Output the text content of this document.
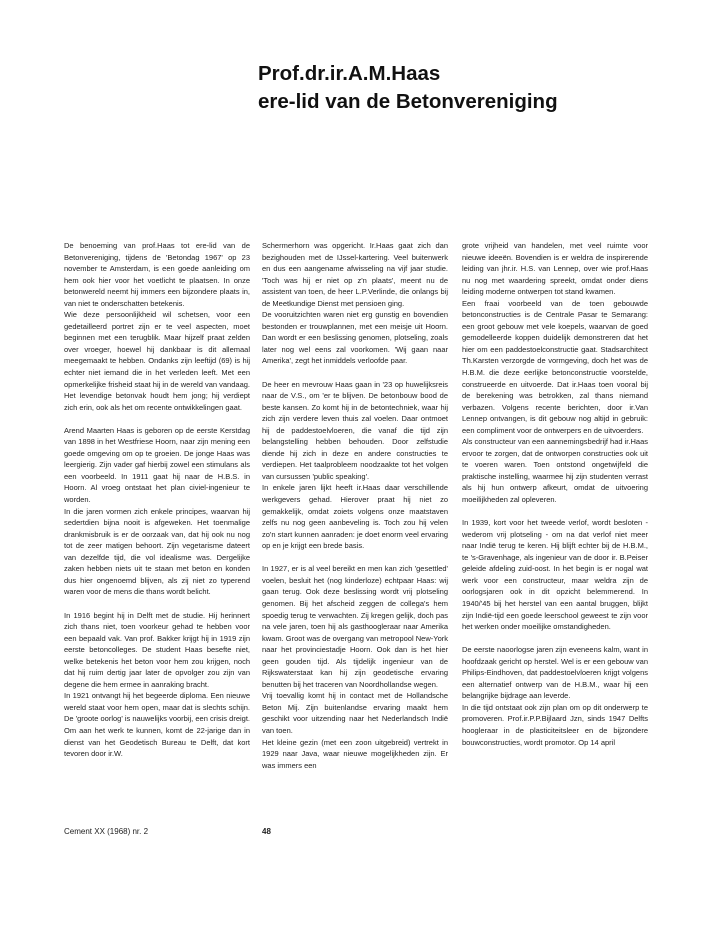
Prof.dr.ir.A.M.Haas
ere-lid van de Betonvereniging

De benoeming van prof.Haas tot ere-lid van de Betonvereniging, tijdens de 'Betondag 1967' op 23 november te Amsterdam, is een goede aanleiding om hem ook hier voor het voetlicht te plaatsen. In onze betonwereld neemt hij immers een bijzondere plaats in, van niet te onderschatten betekenis.

Wie deze persoonlijkheid wil schetsen, voor een gedetailleerd portret zijn er te veel aspecten, moet beginnen met een terugblik. Maar hijzelf praat zelden over vroeger, hoewel hij dankbaar is dit allemaal meegemaakt te hebben. Ondanks zijn leeftijd (69) is hij echter niet iemand die in het verleden leeft. Met een opmerkelijke frisheid staat hij in de wereld van vandaag. Het levendige betonvak houdt hem jong; hij verdiept zich erin, ook als het om recente ontwikkelingen gaat.

Arend Maarten Haas is geboren op de eerste Kerstdag van 1898 in het Westfriese Hoorn, naar zijn mening een goede omgeving om op te groeien. De jonge Haas was leergierig. Zijn vader gaf hierbij zowel een stimulans als een voorbeeld. In 1911 gaat hij naar de H.B.S. in Hoorn. Al vroeg ontstaat het plan civiel-ingenieur te worden.

In die jaren vormen zich enkele principes, waarvan hij sedertdien bijna nooit is afgeweken. Het toenmalige drankmisbruik is er de oorzaak van, dat hij ook nu nog tot de zeer matigen behoort. Zijn vegetarisme dateert van dezelfde tijd, die vol idealisme was. Dergelijke zaken hebben niets uit te staan met beton en konden dus hier ongenoemd blijven, als zij niet zo typerend waren voor de mens die thans wordt belicht.

In 1916 begint hij in Delft met de studie. Hij herinnert zich thans niet, toen voorkeur gehad te hebben voor een bepaald vak. Van prof. Bakker krijgt hij in 1919 zijn eerste betoncolleges. De student Haas besefte niet, welke betekenis het beton voor hem zou krijgen, noch dat hij ruim dertig jaar later de opvolger zou zijn van degene die hem ermee in aanraking bracht.

In 1921 ontvangt hij het begeerde diploma. Een nieuwe wereld staat voor hem open, maar dat is slechts schijn. De 'groote oorlog' is nauwelijks voorbij, een crisis dreigt. Om aan het werk te kunnen, komt de 22-jarige dan in dienst van het Geodetisch Bureau te Delft, dat kort tevoren door ir.W.

Schermerhorn was opgericht. Ir.Haas gaat zich dan bezighouden met de IJssel-kartering. Veel buitenwerk en dus een aangename afwisseling na vijf jaar studie. 'Toch was hij er niet op z'n plaats', meent nu de assistent van toen, de heer L.P.Verlinde, die onlangs bij de Meetkundige Dienst met pensioen ging.

De vooruitzichten waren niet erg gunstig en bovendien bestonden er trouwplannen, met een meisje uit Hoorn. Dan wordt er een beslissing genomen, plotseling, zoals later nog wel eens zal voorkomen. 'Wij gaan naar Amerika', zegt het inmiddels verloofde paar.

De heer en mevrouw Haas gaan in '23 op huwelijksreis naar de V.S., om 'er te blijven. De betonbouw bood de beste kansen. Zo komt hij in de betontechniek, waar hij zich zijn verdere leven thuis zal voelen. Daar ontmoet hij de paddestoelvloeren, die vanaf die tijd zijn belangstelling hebben behouden. Door zelfstudie diende hij zich in deze en andere constructies te verdiepen. Het taalprobleem noodzaakte tot het volgen van cursussen 'public speaking'.

In enkele jaren lijkt heeft ir.Haas daar verschillende werkgevers gehad. Hierover praat hij niet zo gemakkelijk, omdat zoiets volgens onze maatstaven zelfs nu nog geen aanbeveling is. Toch zou hij velen zo'n start kunnen aanraden: je doet enorm veel ervaring op en je krijgt een brede basis.

In 1927, er is al veel bereikt en men kan zich 'gesettled' voelen, besluit het (nog kinderloze) echtpaar Haas: wij gaan terug. Ook deze beslissing wordt vrij plotseling genomen. Bij het afscheid zeggen de collega's hem spoedig terug te verwachten. Zij kregen gelijk, doch pas na vele jaren, toen hij als gasthoogleraar naar Amerika kwam. Groot was de overgang van metropool New-York naar het provinciestadje Hoorn. Ook dan is het hier geen gouden tijd. Als tijdelijk ingenieur van de Rijkswaterstaat kan hij zijn geodetische ervaring benutten bij het traceren van Noordhollandse wegen.

Vrij toevallig komt hij in contact met de Hollandsche Beton Mij. Zijn buitenlandse ervaring maakt hem geschikt voor uitzending naar het Nederlandsch Indië van toen.

Het kleine gezin (met een zoon uitgebreid) vertrekt in 1929 naar Java, waar nieuwe mogelijkheden zijn. Er was immers een

grote vrijheid van handelen, met veel ruimte voor nieuwe ideeën. Bovendien is er weldra de inspirerende leiding van jhr.ir. H.S. van Lennep, over wie prof.Haas nu nog met waardering spreekt, omdat onder diens leiding moderne ontwerpen tot stand kwamen.

Een fraai voorbeeld van de toen gebouwde betonconstructies is de Centrale Pasar te Semarang: een groot gebouw met vele koepels, waarvan de goed gemodelleerde koppen duidelijk demonstreren dat het hier om een paddestoelconstructie gaat. Stadsarchitect Th.Karsten verzorgde de vormgeving, doch het was de H.B.M. die deze eerlijke betonconstructie voorstelde, construeerde en uitvoerde. Dat ir.Haas toen vooral bij de berekening was betrokken, zal thans niemand verbazen. Volgens recente berichten, door ir.Van Lennep ontvangen, is dit gebouw nog altijd in gebruik: een compliment voor de ontwerpers en de uitvoerders.

Als constructeur van een aannemingsbedrijf had ir.Haas ervoor te zorgen, dat de ontworpen constructies ook uit te voeren waren. Toen ontstond ongetwijfeld die praktische instelling, waarmee hij zijn studenten verrast als hij hun ontwerp afkeurt, omdat de uitvoering moeilijkheden zal opleveren.

In 1939, kort voor het tweede verlof, wordt besloten - wederom vrij plotseling - om na dat verlof niet meer naar Indië terug te keren. Hij blijft echter bij de H.B.M., te 's-Gravenhage, als ingenieur van de door ir. B.Peiser geleide afdeling zuid-oost. In het begin is er nogal wat werk voor een constructeur, maar weldra zijn de oorlogsjaren ook in dit opzicht belemmerend. In 1940/'45 bij het herstel van een aantal bruggen, blijkt zijn Indië-tijd een goede leerschool geweest te zijn voor het werken onder moeilijke omstandigheden.

De eerste naoorlogse jaren zijn eveneens kalm, want in hoofdzaak gericht op herstel. Wel is er een gebouw van Philips-Eindhoven, dat paddestoelvloeren krijgt volgens een alternatief ontwerp van de H.B.M., waar hij een belangrijke bijdrage aan leverde.

In die tijd ontstaat ook zijn plan om op dit onderwerp te promoveren. Prof.ir.P.P.Bijlaard Jzn, sinds 1947 Delfts hoogleraar in de plasticiteitsleer en de bijzondere bouwconstructies, wordt promotor. Op 14 april

Cement XX (1968) nr. 2	48
